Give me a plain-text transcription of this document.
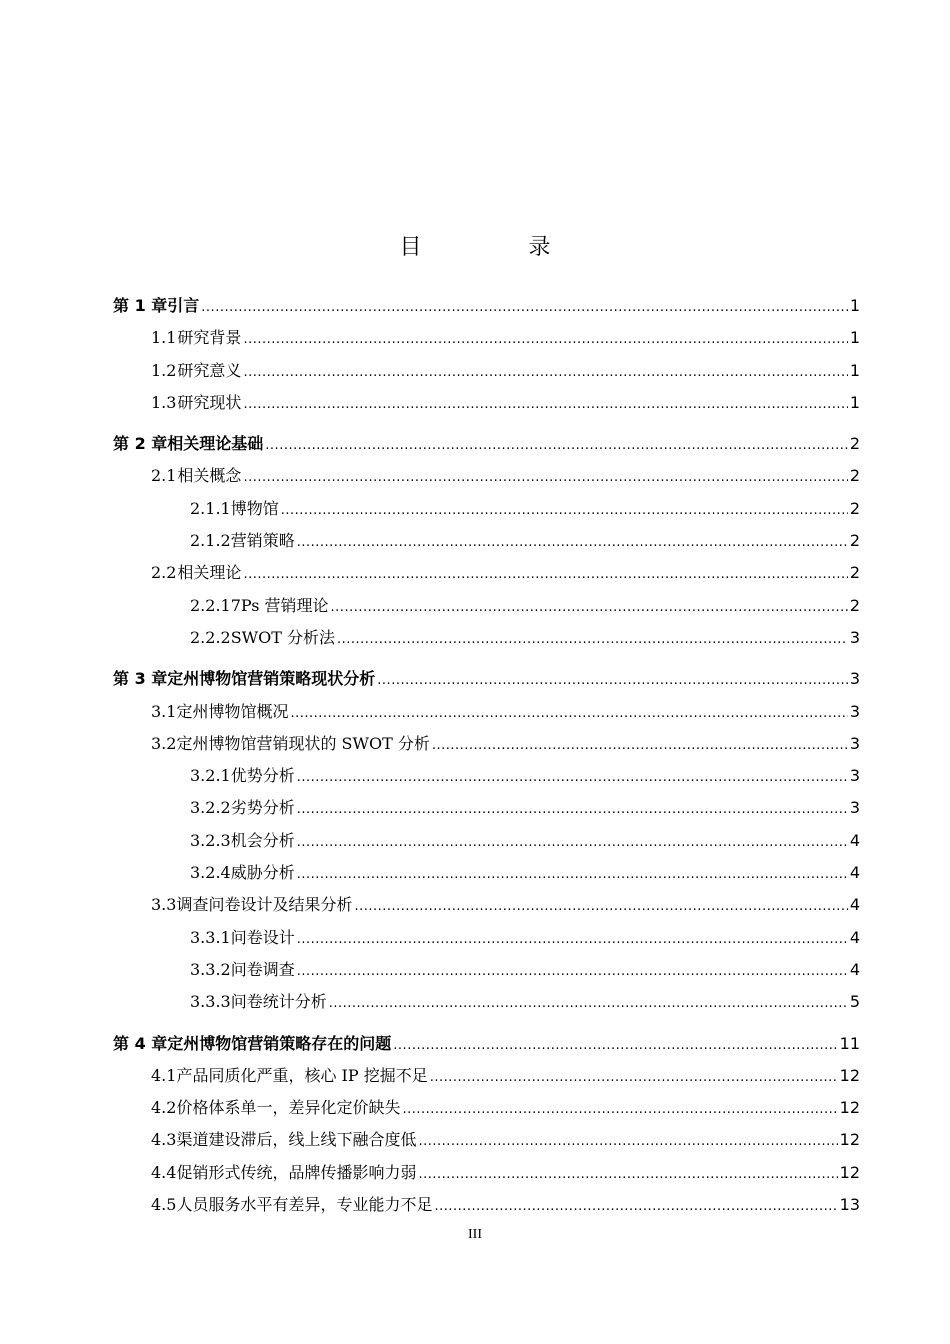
目 录
第 1 章 引言 .....	1
1.1 研究背景 .....	1
1.2 研究意义 .....	1
1.3 研究现状 .....	1
第 2 章 相关理论基础 .....	2
2.1 相关概念 .....	2
2.1.1 博物馆 .....	2
2.1.2 营销策略 .....	2
2.2 相关理论 .....	2
2.2.1 7Ps 营销理论 .....	2
2.2.2 SWOT 分析法 .....	3
第 3 章 定州博物馆营销策略现状分析 .....	3
3.1 定州博物馆概况 .....	3
3.2 定州博物馆营销现状的 SWOT 分析 .....	3
3.2.1 优势分析 .....	3
3.2.2 劣势分析 .....	3
3.2.3 机会分析 .....	4
3.2.4 威胁分析 .....	4
3.3 调查问卷设计及结果分析 .....	4
3.3.1 问卷设计 .....	4
3.3.2 问卷调查 .....	4
3.3.3 问卷统计分析 .....	5
第 4 章 定州博物馆营销策略存在的问题 .....	11
4.1 产品同质化严重，核心 IP 挖掘不足 .....	12
4.2 价格体系单一，差异化定价缺失 .....	12
4.3 渠道建设滞后，线上线下融合度低 .....	12
4.4 促销形式传统，品牌传播影响力弱 .....	12
4.5 人员服务水平有差异，专业能力不足 .....	13
III
